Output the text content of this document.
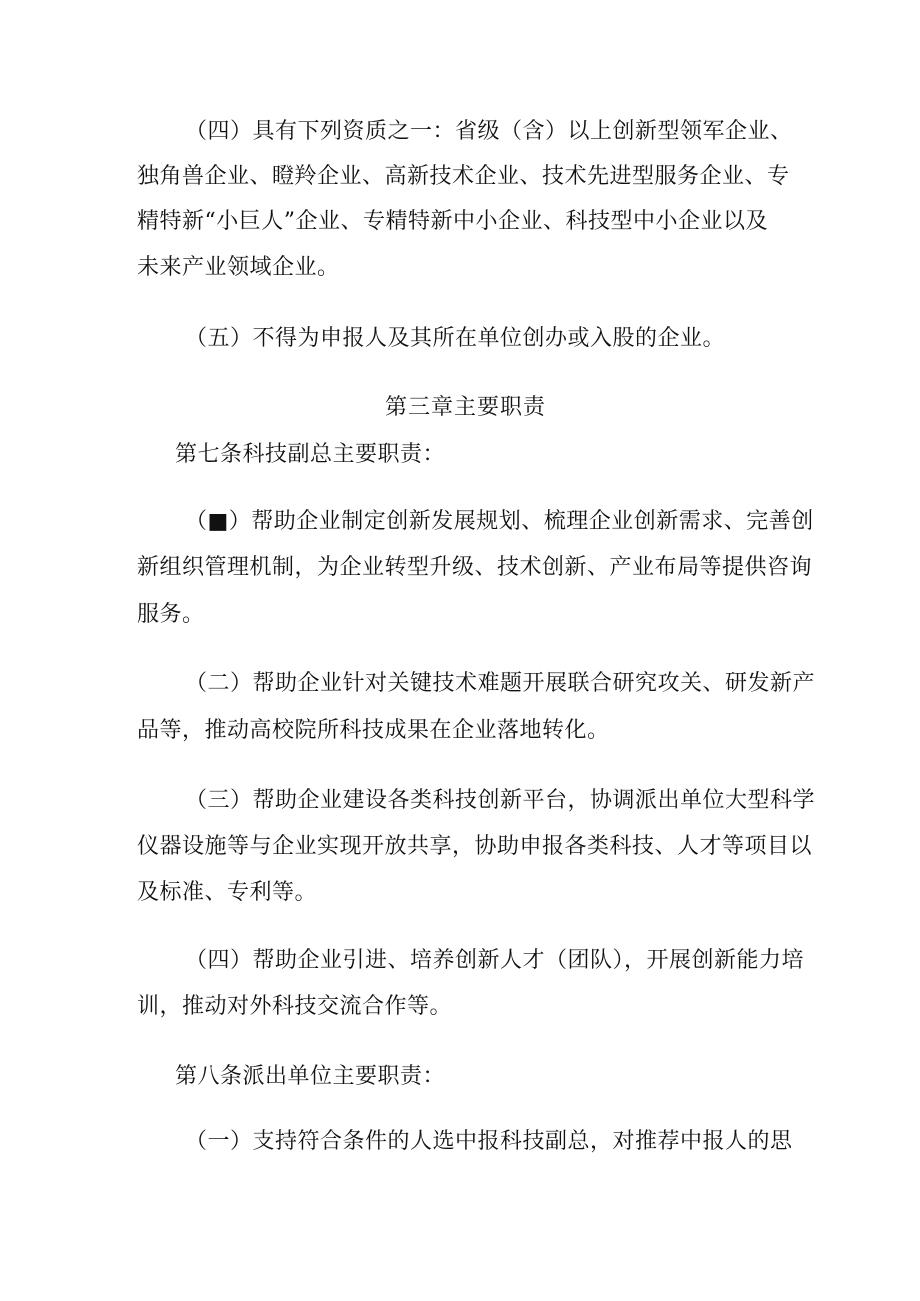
（四）具有下列资质之一：省级（含）以上创新型领军企业、
独角兽企业、瞪羚企业、高新技术企业、技术先进型服务企业、专
精特新“小巨人”企业、专精特新中小企业、科技型中小企业以及
未来产业领域企业。
（五）不得为申报人及其所在单位创办或入股的企业。
第三章主要职责
第七条科技副总主要职责：
（■）帮助企业制定创新发展规划、梳理企业创新需求、完善创
新组织管理机制，为企业转型升级、技术创新、产业布局等提供咨询
服务。
（二）帮助企业针对关键技术难题开展联合研究攻关、研发新产
品等，推动高校院所科技成果在企业落地转化。
（三）帮助企业建设各类科技创新平台，协调派出单位大型科学
仪器设施等与企业实现开放共享，协助申报各类科技、人才等项目以
及标准、专利等。
（四）帮助企业引进、培养创新人才（团队），开展创新能力培
训，推动对外科技交流合作等。
第八条派出单位主要职责：
（一）支持符合条件的人选中报科技副总，对推荐中报人的思
